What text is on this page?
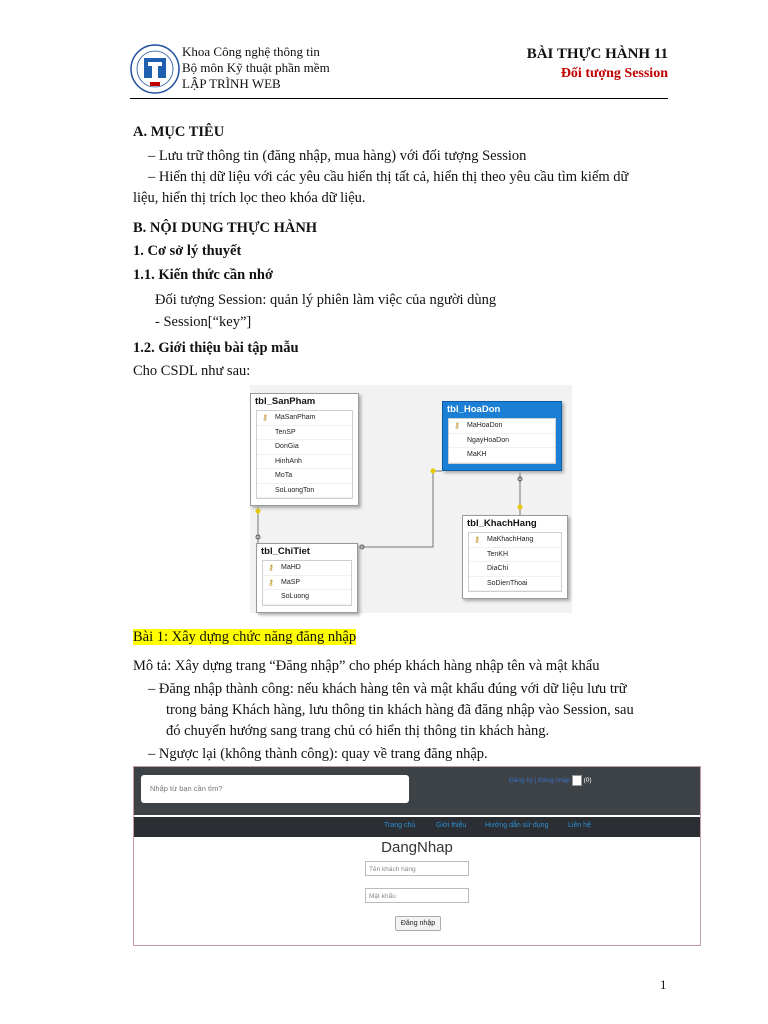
Khoa Công nghệ thông tin
Bộ môn Kỹ thuật phần mềm
LẬP TRÌNH WEB
BÀI THỰC HÀNH 11
Đối tượng Session
A. MỤC TIÊU
– Lưu trữ thông tin (đăng nhập, mua hàng) với đối tượng Session
– Hiển thị dữ liệu với các yêu cầu hiển thị tất cả, hiển thị theo yêu cầu tìm kiếm dữ
liệu, hiển thị trích lọc theo khóa dữ liệu.
B. NỘI DUNG THỰC HÀNH
1. Cơ sở lý thuyết
1.1. Kiến thức cần nhớ
Đối tượng Session: quản lý phiên làm việc của người dùng
- Session[“key”]
1.2. Giới thiệu bài tập mẫu
Cho CSDL như sau:
tbl_SanPham
⚷ MaSanPham
TenSP
DonGia
HinhAnh
MoTa
SoLuongTon
tbl_HoaDon
⚷ MaHoaDon
NgayHoaDon
MaKH
tbl_ChiTiet
⚷ MaHD
⚷ MaSP
SoLuong
tbl_KhachHang
⚷ MaKhachHang
TenKH
DiaChi
SoDienThoai
Bài 1: Xây dựng chức năng đăng nhập
Mô tả: Xây dựng trang “Đăng nhập” cho phép khách hàng nhập tên và mật khẩu
– Đăng nhập thành công: nếu khách hàng tên và mật khẩu đúng với dữ liệu lưu trữ
trong bảng Khách hàng, lưu thông tin khách hàng đã đăng nhập vào Session, sau
đó chuyển hướng sang trang chủ có hiển thị thông tin khách hàng.
– Ngược lại (không thành công): quay về trang đăng nhập.
Nhập từ bạn cần tìm?
Đăng ký | Đăng nhập (0)
Trang chủ	Giới thiệu	Hướng dẫn sử dụng	Liên hệ
DangNhap
Tên khách hàng
Mật khẩu
Đăng nhập
1
